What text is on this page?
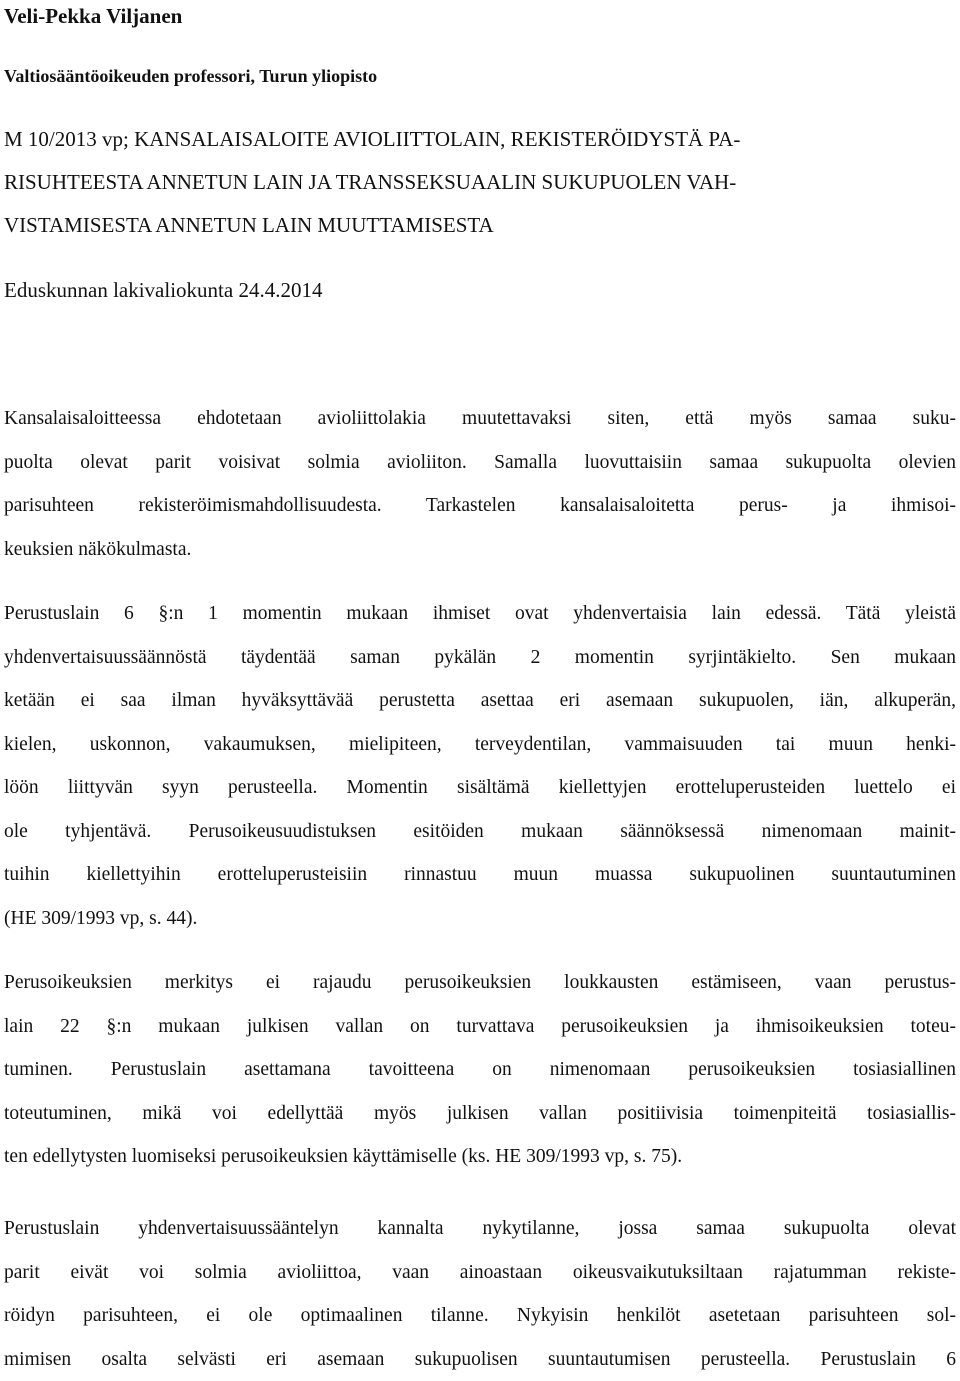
Veli-Pekka Viljanen
Valtiosääntöoikeuden professori, Turun yliopisto
M 10/2013 vp; KANSALAISALOITE AVIOLIITTOLAIN, REKISTERÖIDYSTÄ PA-
RISUHTEESTA ANNETUN LAIN JA TRANSSEKSUAALIN SUKUPUOLEN VAH-
VISTAMISESTA ANNETUN LAIN MUUTTAMISESTA
Eduskunnan lakivaliokunta 24.4.2014
Kansalaisaloitteessa ehdotetaan avioliittolakia muutettavaksi siten, että myös samaa suku-
puolta olevat parit voisivat solmia avioliiton. Samalla luovuttaisiin samaa sukupuolta olevien
parisuhteen rekisteröimismahdollisuudesta. Tarkastelen kansalaisaloitetta perus- ja ihmisoi-
keuksien näkökulmasta.
Perustuslain 6 §:n 1 momentin mukaan ihmiset ovat yhdenvertaisia lain edessä. Tätä yleistä
yhdenvertaisuussäännöstä täydentää saman pykälän 2 momentin syrjintäkielto. Sen mukaan
ketään ei saa ilman hyväksyttävää perustetta asettaa eri asemaan sukupuolen, iän, alkuperän,
kielen, uskonnon, vakaumuksen, mielipiteen, terveydentilan, vammaisuuden tai muun henki-
löön liittyvän syyn perusteella. Momentin sisältämä kiellettyjen erotteluperusteiden luettelo ei
ole tyhjentävä. Perusoikeusuudistuksen esitöiden mukaan säännöksessä nimenomaan mainit-
tuihin kiellettyihin erotteluperusteisiin rinnastuu muun muassa sukupuolinen suuntautuminen
(HE 309/1993 vp, s. 44).
Perusoikeuksien merkitys ei rajaudu perusoikeuksien loukkausten estämiseen, vaan perustus-
lain 22 §:n mukaan julkisen vallan on turvattava perusoikeuksien ja ihmisoikeuksien toteu-
tuminen. Perustuslain asettamana tavoitteena on nimenomaan perusoikeuksien tosiasiallinen
toteutuminen, mikä voi edellyttää myös julkisen vallan positiivisia toimenpiteitä tosiasiallis-
ten edellytysten luomiseksi perusoikeuksien käyttämiselle (ks. HE 309/1993 vp, s. 75).
Perustuslain yhdenvertaisuussääntelyn kannalta nykytilanne, jossa samaa sukupuolta olevat
parit eivät voi solmia avioliittoa, vaan ainoastaan oikeusvaikutuksiltaan rajatumman rekiste-
röidyn parisuhteen, ei ole optimaalinen tilanne. Nykyisin henkilöt asetetaan parisuhteen sol-
mimisen osalta selvästi eri asemaan sukupuolisen suuntautumisen perusteella. Perustuslain 6
